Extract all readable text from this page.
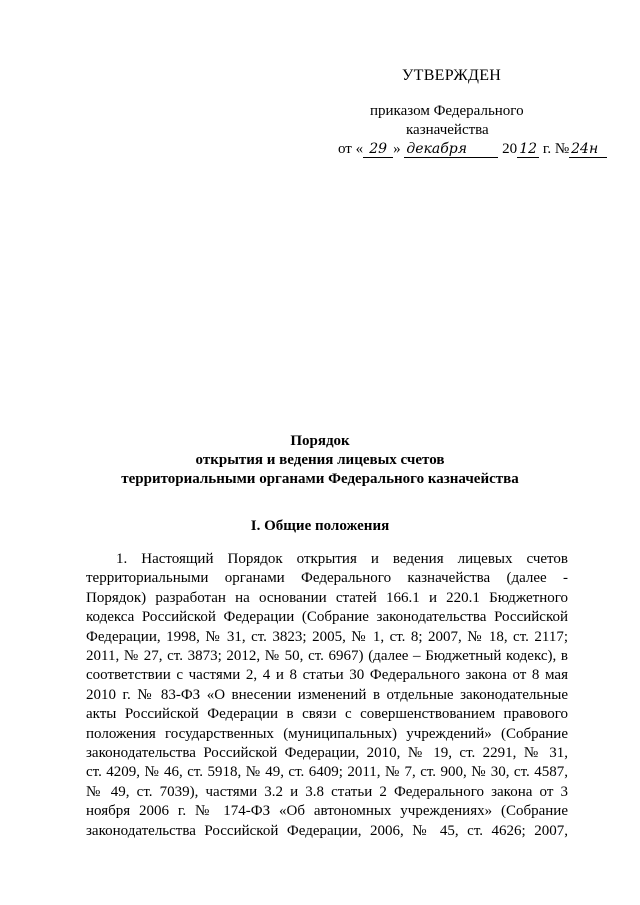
УТВЕРЖДЕН
приказом Федерального
казначейства
от « 29 » декабря 20 12 г. № 24н
Порядок
открытия и ведения лицевых счетов
территориальными органами Федерального казначейства
I. Общие положения
1. Настоящий Порядок открытия и ведения лицевых счетов
территориальными органами Федерального казначейства (далее -
Порядок) разработан на основании статей 166.1 и 220.1 Бюджетного
кодекса Российской Федерации (Собрание законодательства Российской
Федерации, 1998, № 31, ст. 3823; 2005, № 1, ст. 8; 2007, № 18, ст. 2117;
2011, № 27, ст. 3873; 2012, № 50, ст. 6967) (далее – Бюджетный кодекс), в
соответствии с частями 2, 4 и 8 статьи 30 Федерального закона от 8 мая
2010 г. № 83-ФЗ «О внесении изменений в отдельные законодательные
акты Российской Федерации в связи с совершенствованием правового
положения государственных (муниципальных) учреждений» (Собрание
законодательства Российской Федерации, 2010, № 19, ст. 2291, № 31,
ст. 4209, № 46, ст. 5918, № 49, ст. 6409; 2011, № 7, ст. 900, № 30, ст. 4587,
№ 49, ст. 7039), частями 3.2 и 3.8 статьи 2 Федерального закона от 3
ноября 2006 г. № 174-ФЗ «Об автономных учреждениях» (Собрание
законодательства Российской Федерации, 2006, № 45, ст. 4626; 2007,
